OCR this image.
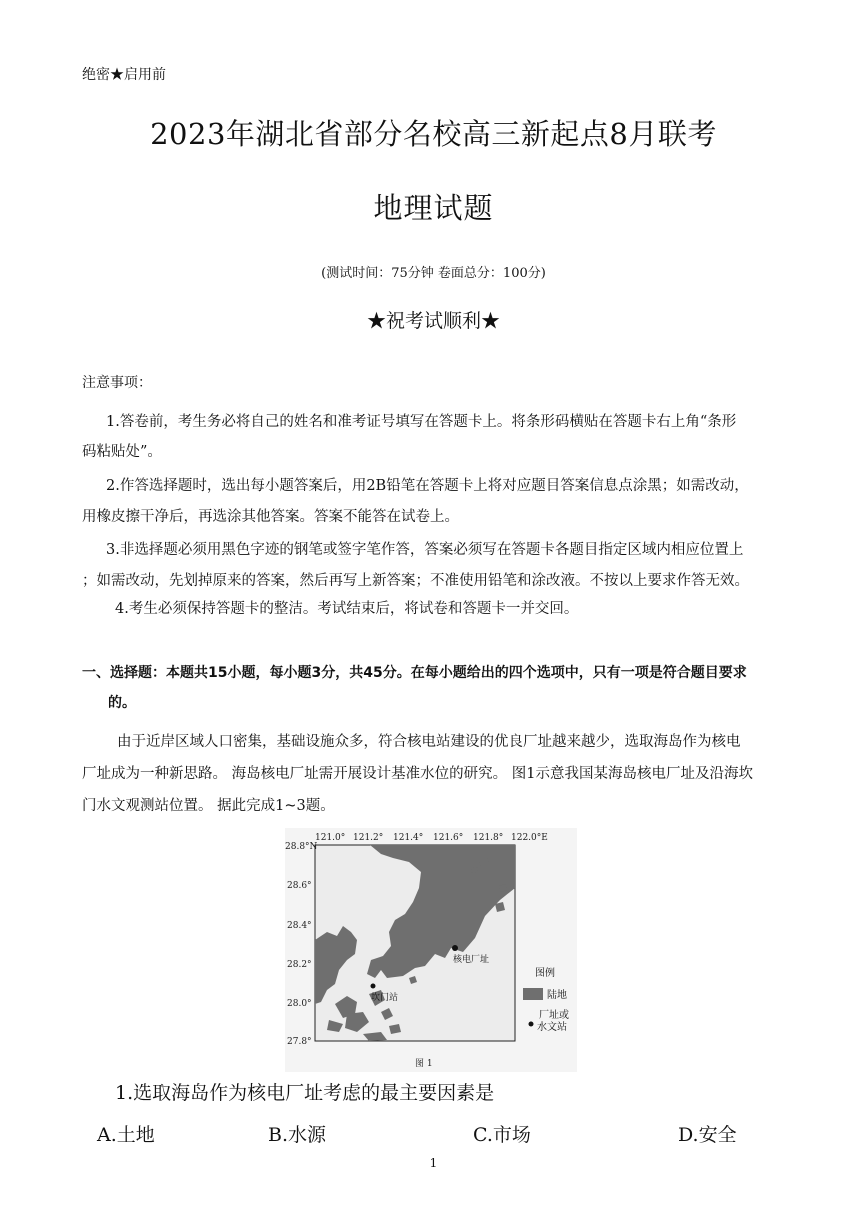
绝密★启用前
2023年湖北省部分名校高三新起点8月联考
地理试题
(测试时间：75分钟 卷面总分：100分)
★祝考试顺利★
注意事项：
1.答卷前，考生务必将自己的姓名和准考证号填写在答题卡上。将条形码横贴在答题卡右上角“条形
码粘贴处”。
2.作答选择题时，选出每小题答案后，用2B铅笔在答题卡上将对应题目答案信息点涂黑；如需改动，
用橡皮擦干净后，再选涂其他答案。答案不能答在试卷上。
3.非选择题必须用黑色字迹的钢笔或签字笔作答，答案必须写在答题卡各题目指定区域内相应位置上
；如需改动，先划掉原来的答案，然后再写上新答案；不准使用铅笔和涂改液。不按以上要求作答无效。
4.考生必须保持答题卡的整洁。考试结束后，将试卷和答题卡一并交回。
一、选择题：本题共15小题，每小题3分，共45分。在每小题给出的四个选项中，只有一项是符合题目要求
的。
由于近岸区域人口密集，基础设施众多，符合核电站建设的优良厂址越来越少，选取海岛作为核电
厂址成为一种新思路。 海岛核电厂址需开展设计基准水位的研究。 图1示意我国某海岛核电厂址及沿海坎
门水文观测站位置。 据此完成1~3题。
121.0° 121.2° 121.4° 121.6° 121.8° 122.0°E
28.8°N
28.6°
28.4°
28.2°
28.0°
27.8°
核电厂址
坎门站
图例
陆地
厂址或
水文站
图 1
1.选取海岛作为核电厂址考虑的最主要因素是
A.土地	B.水源	C.市场	D.安全
1
